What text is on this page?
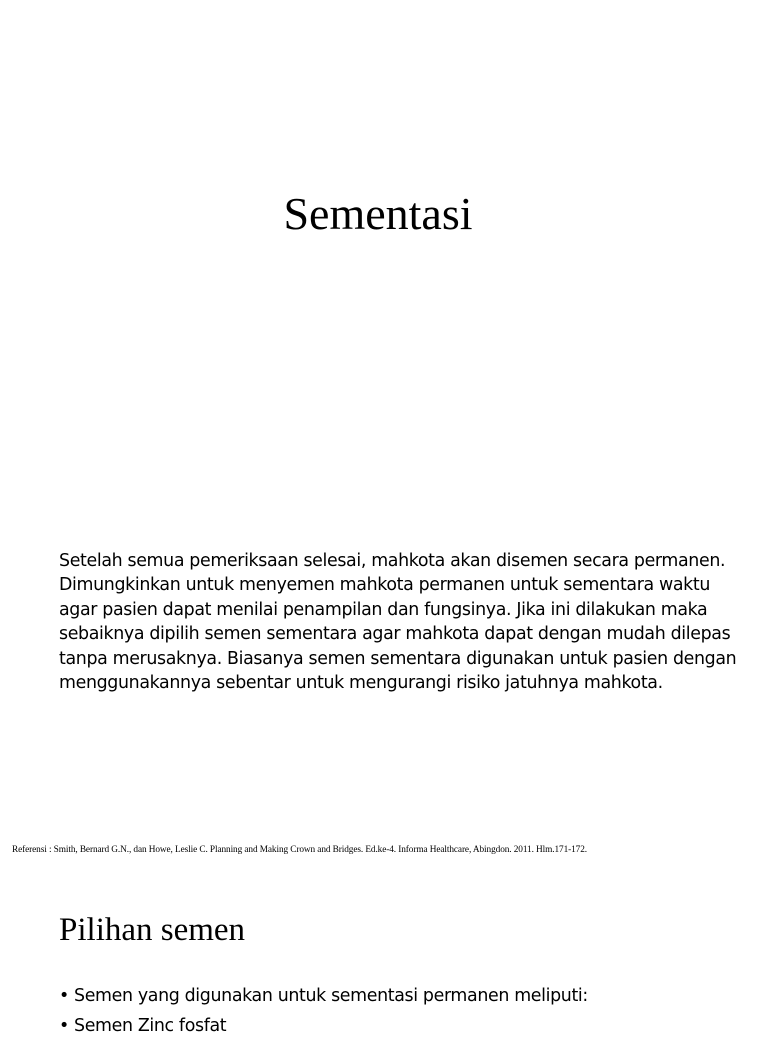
Sementasi

Setelah semua pemeriksaan selesai, mahkota akan disemen secara permanen. Dimungkinkan untuk menyemen mahkota permanen untuk sementara waktu agar pasien dapat menilai penampilan dan fungsinya. Jika ini dilakukan maka sebaiknya dipilih semen sementara agar mahkota dapat dengan mudah dilepas tanpa merusaknya. Biasanya semen sementara digunakan untuk pasien dengan menggunakannya sebentar untuk mengurangi risiko jatuhnya mahkota.

Referensi : Smith, Bernard G.N., dan Howe, Leslie C. Planning and Making Crown and Bridges. Ed.ke-4. Informa Healthcare, Abingdon. 2011. Hlm.171-172.
Pilihan semen
• Semen yang digunakan untuk sementasi permanen meliputi:
• Semen Zinc fosfat
